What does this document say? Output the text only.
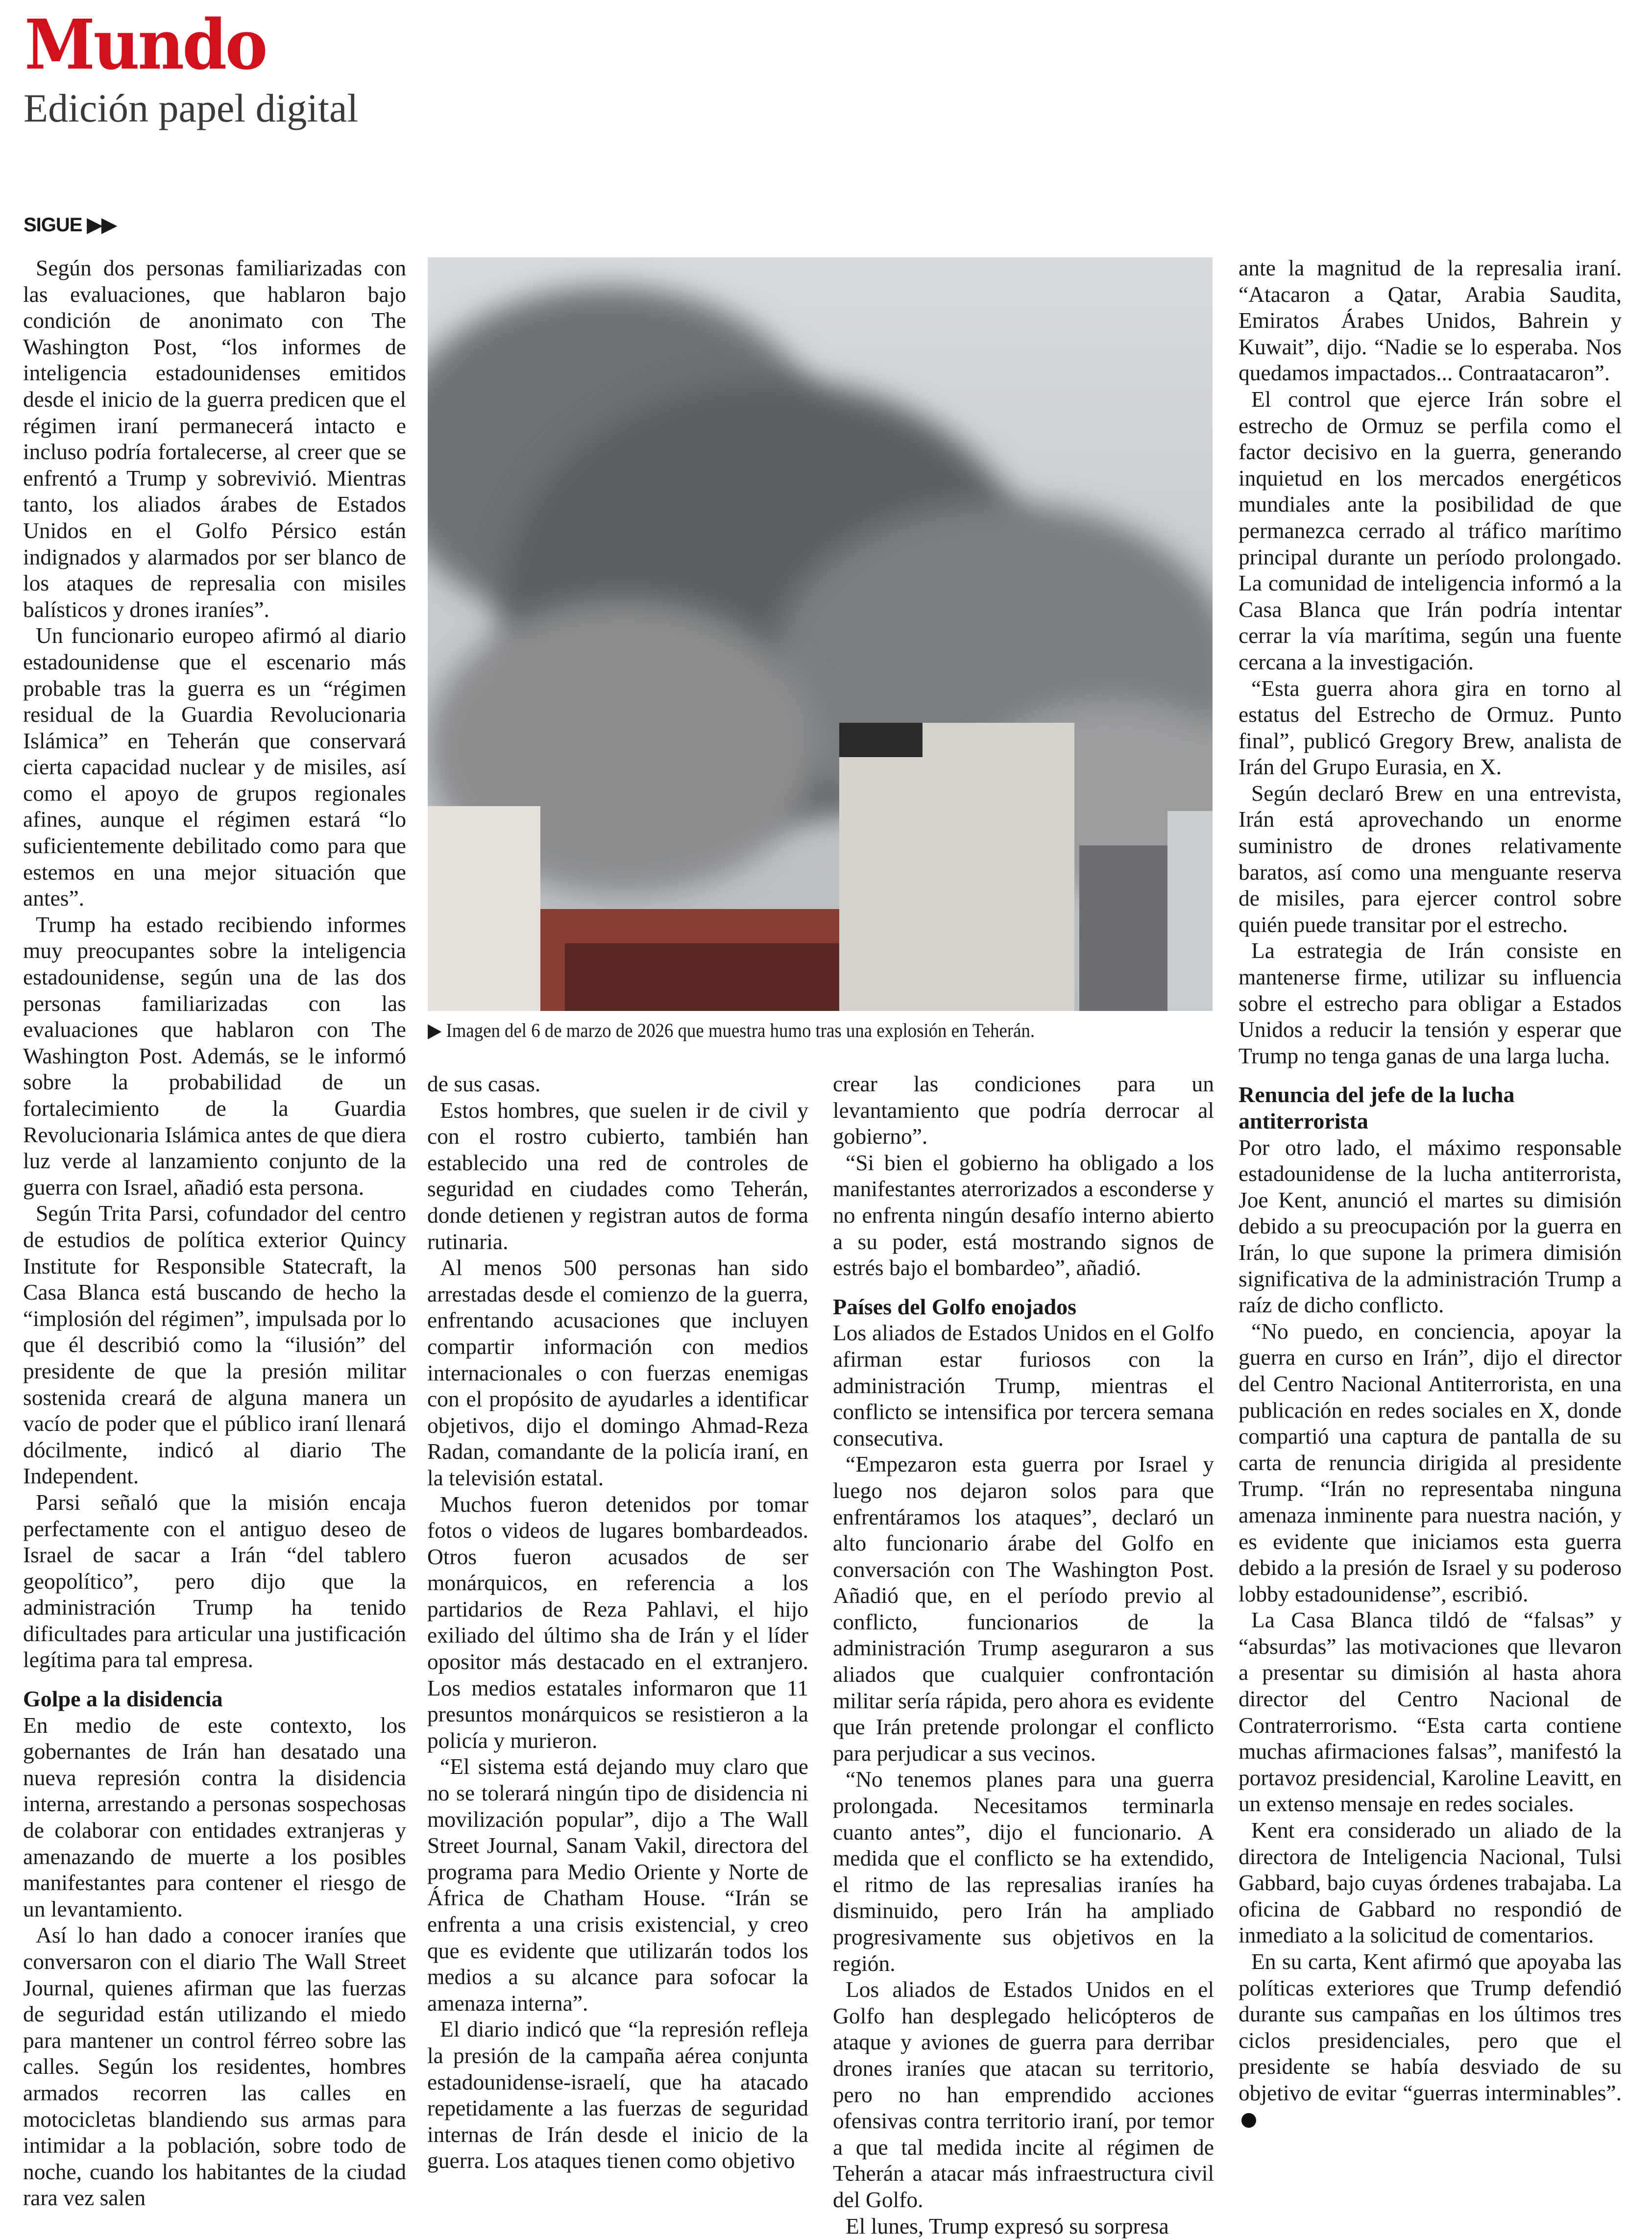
Mundo
Edición papel digital
SIGUE ▶▶
▶ Imagen del 6 de marzo de 2026 que muestra humo tras una explosión en Teherán.

Según dos personas familiarizadas con las evaluaciones, que hablaron bajo condición de anonimato con The Washington Post, “los informes de inteligencia estadounidenses emitidos desde el inicio de la guerra predicen que el régimen iraní permanecerá intacto e incluso podría fortalecerse, al creer que se enfrentó a Trump y sobrevivió. Mientras tanto, los aliados árabes de Estados Unidos en el Golfo Pérsico están indignados y alarmados por ser blanco de los ataques de represalia con misiles balísticos y drones iraníes”.

Un funcionario europeo afirmó al diario estadounidense que el escenario más probable tras la guerra es un “régimen residual de la Guardia Revolucionaria Islámica” en Teherán que conservará cierta capacidad nuclear y de misiles, así como el apoyo de grupos regionales afines, aunque el régimen estará “lo suficientemente debilitado como para que estemos en una mejor situación que antes”.

Trump ha estado recibiendo informes muy preocupantes sobre la inteligencia estadounidense, según una de las dos personas familiarizadas con las evaluaciones que hablaron con The Washington Post. Además, se le informó sobre la probabilidad de un fortalecimiento de la Guardia Revolucionaria Islámica antes de que diera luz verde al lanzamiento conjunto de la guerra con Israel, añadió esta persona.

Según Trita Parsi, cofundador del centro de estudios de política exterior Quincy Institute for Responsible Statecraft, la Casa Blanca está buscando de hecho la “implosión del régimen”, impulsada por lo que él describió como la “ilusión” del presidente de que la presión militar sostenida creará de alguna manera un vacío de poder que el público iraní llenará dócilmente, indicó al diario The Independent.

Parsi señaló que la misión encaja perfectamente con el antiguo deseo de Israel de sacar a Irán “del tablero geopolítico”, pero dijo que la administración Trump ha tenido dificultades para articular una justificación legítima para tal empresa.

Golpe a la disidencia

En medio de este contexto, los gobernantes de Irán han desatado una nueva represión contra la disidencia interna, arrestando a personas sospechosas de colaborar con entidades extranjeras y amenazando de muerte a los posibles manifestantes para contener el riesgo de un levantamiento.

Así lo han dado a conocer iraníes que conversaron con el diario The Wall Street Journal, quienes afirman que las fuerzas de seguridad están utilizando el miedo para mantener un control férreo sobre las calles. Según los residentes, hombres armados recorren las calles en motocicletas blandiendo sus armas para intimidar a la población, sobre todo de noche, cuando los habitantes de la ciudad rara vez salen

de sus casas.

Estos hombres, que suelen ir de civil y con el rostro cubierto, también han establecido una red de controles de seguridad en ciudades como Teherán, donde detienen y registran autos de forma rutinaria.

Al menos 500 personas han sido arrestadas desde el comienzo de la guerra, enfrentando acusaciones que incluyen compartir información con medios internacionales o con fuerzas enemigas con el propósito de ayudarles a identificar objetivos, dijo el domingo Ahmad-Reza Radan, comandante de la policía iraní, en la televisión estatal.

Muchos fueron detenidos por tomar fotos o videos de lugares bombardeados. Otros fueron acusados de ser monárquicos, en referencia a los partidarios de Reza Pahlavi, el hijo exiliado del último sha de Irán y el líder opositor más destacado en el extranjero. Los medios estatales informaron que 11 presuntos monárquicos se resistieron a la policía y murieron.

“El sistema está dejando muy claro que no se tolerará ningún tipo de disidencia ni movilización popular”, dijo a The Wall Street Journal, Sanam Vakil, directora del programa para Medio Oriente y Norte de África de Chatham House. “Irán se enfrenta a una crisis existencial, y creo que es evidente que utilizarán todos los medios a su alcance para sofocar la amenaza interna”.

El diario indicó que “la represión refleja la presión de la campaña aérea conjunta estadounidense-israelí, que ha atacado repetidamente a las fuerzas de seguridad internas de Irán desde el inicio de la guerra. Los ataques tienen como objetivo

crear las condiciones para un levantamiento que podría derrocar al gobierno”.

“Si bien el gobierno ha obligado a los manifestantes aterrorizados a esconderse y no enfrenta ningún desafío interno abierto a su poder, está mostrando signos de estrés bajo el bombardeo”, añadió.

Países del Golfo enojados

Los aliados de Estados Unidos en el Golfo afirman estar furiosos con la administración Trump, mientras el conflicto se intensifica por tercera semana consecutiva.

“Empezaron esta guerra por Israel y luego nos dejaron solos para que enfrentáramos los ataques”, declaró un alto funcionario árabe del Golfo en conversación con The Washington Post. Añadió que, en el período previo al conflicto, funcionarios de la administración Trump aseguraron a sus aliados que cualquier confrontación militar sería rápida, pero ahora es evidente que Irán pretende prolongar el conflicto para perjudicar a sus vecinos.

“No tenemos planes para una guerra prolongada. Necesitamos terminarla cuanto antes”, dijo el funcionario. A medida que el conflicto se ha extendido, el ritmo de las represalias iraníes ha disminuido, pero Irán ha ampliado progresivamente sus objetivos en la región.

Los aliados de Estados Unidos en el Golfo han desplegado helicópteros de ataque y aviones de guerra para derribar drones iraníes que atacan su territorio, pero no han emprendido acciones ofensivas contra territorio iraní, por temor a que tal medida incite al régimen de Teherán a atacar más infraestructura civil del Golfo.

El lunes, Trump expresó su sorpresa

ante la magnitud de la represalia iraní. “Atacaron a Qatar, Arabia Saudita, Emiratos Árabes Unidos, Bahrein y Kuwait”, dijo. “Nadie se lo esperaba. Nos quedamos impactados... Contraatacaron”.

El control que ejerce Irán sobre el estrecho de Ormuz se perfila como el factor decisivo en la guerra, generando inquietud en los mercados energéticos mundiales ante la posibilidad de que permanezca cerrado al tráfico marítimo principal durante un período prolongado. La comunidad de inteligencia informó a la Casa Blanca que Irán podría intentar cerrar la vía marítima, según una fuente cercana a la investigación.

“Esta guerra ahora gira en torno al estatus del Estrecho de Ormuz. Punto final”, publicó Gregory Brew, analista de Irán del Grupo Eurasia, en X.

Según declaró Brew en una entrevista, Irán está aprovechando un enorme suministro de drones relativamente baratos, así como una menguante reserva de misiles, para ejercer control sobre quién puede transitar por el estrecho.

La estrategia de Irán consiste en mantenerse firme, utilizar su influencia sobre el estrecho para obligar a Estados Unidos a reducir la tensión y esperar que Trump no tenga ganas de una larga lucha.

Renuncia del jefe de la lucha antiterrorista

Por otro lado, el máximo responsable estadounidense de la lucha antiterrorista, Joe Kent, anunció el martes su dimisión debido a su preocupación por la guerra en Irán, lo que supone la primera dimisión significativa de la administración Trump a raíz de dicho conflicto.

“No puedo, en conciencia, apoyar la guerra en curso en Irán”, dijo el director del Centro Nacional Antiterrorista, en una publicación en redes sociales en X, donde compartió una captura de pantalla de su carta de renuncia dirigida al presidente Trump. “Irán no representaba ninguna amenaza inminente para nuestra nación, y es evidente que iniciamos esta guerra debido a la presión de Israel y su poderoso lobby estadounidense”, escribió.

La Casa Blanca tildó de “falsas” y “absurdas” las motivaciones que llevaron a presentar su dimisión al hasta ahora director del Centro Nacional de Contraterrorismo. “Esta carta contiene muchas afirmaciones falsas”, manifestó la portavoz presidencial, Karoline Leavitt, en un extenso mensaje en redes sociales.

Kent era considerado un aliado de la directora de Inteligencia Nacional, Tulsi Gabbard, bajo cuyas órdenes trabajaba. La oficina de Gabbard no respondió de inmediato a la solicitud de comentarios.

En su carta, Kent afirmó que apoyaba las políticas exteriores que Trump defendió durante sus campañas en los últimos tres ciclos presidenciales, pero que el presidente se había desviado de su objetivo de evitar “guerras interminables”.
